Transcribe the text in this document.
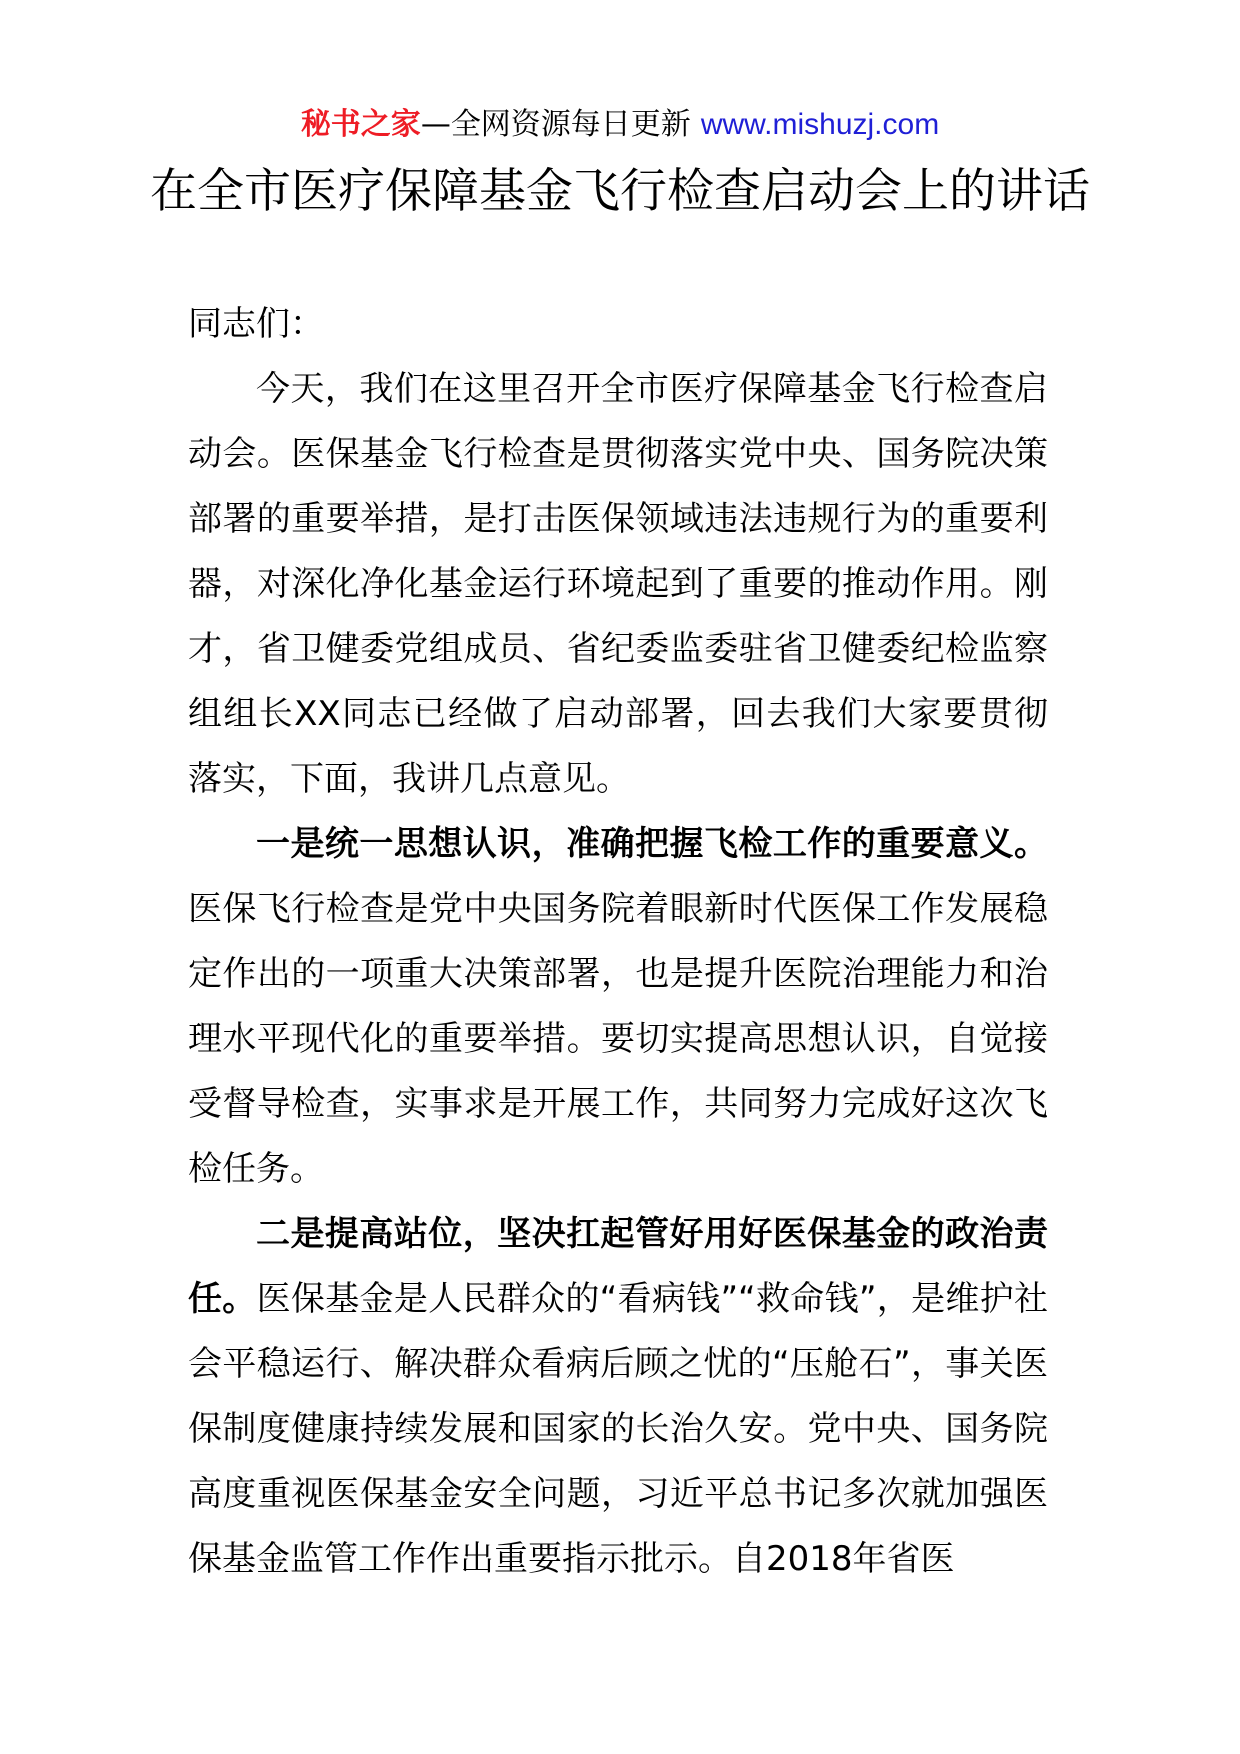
秘书之家—全网资源每日更新 www.mishuzj.com
在全市医疗保障基金飞行检查启动会上的讲话

同志们：

今天，我们在这里召开全市医疗保障基金飞行检查启动会。医保基金飞行检查是贯彻落实党中央、国务院决策部署的重要举措，是打击医保领域违法违规行为的重要利器，对深化净化基金运行环境起到了重要的推动作用。刚才，省卫健委党组成员、省纪委监委驻省卫健委纪检监察组组长XX同志已经做了启动部署，回去我们大家要贯彻落实，下面，我讲几点意见。

一是统一思想认识，准确把握飞检工作的重要意义。医保飞行检查是党中央国务院着眼新时代医保工作发展稳定作出的一项重大决策部署，也是提升医院治理能力和治理水平现代化的重要举措。要切实提高思想认识，自觉接受督导检查，实事求是开展工作，共同努力完成好这次飞检任务。

二是提高站位，坚决扛起管好用好医保基金的政治责任。医保基金是人民群众的“看病钱”“救命钱”，是维护社会平稳运行、解决群众看病后顾之忧的“压舱石”，事关医保制度健康持续发展和国家的长治久安。党中央、国务院高度重视医保基金安全问题，习近平总书记多次就加强医保基金监管工作作出重要指示批示。自2018年省医
